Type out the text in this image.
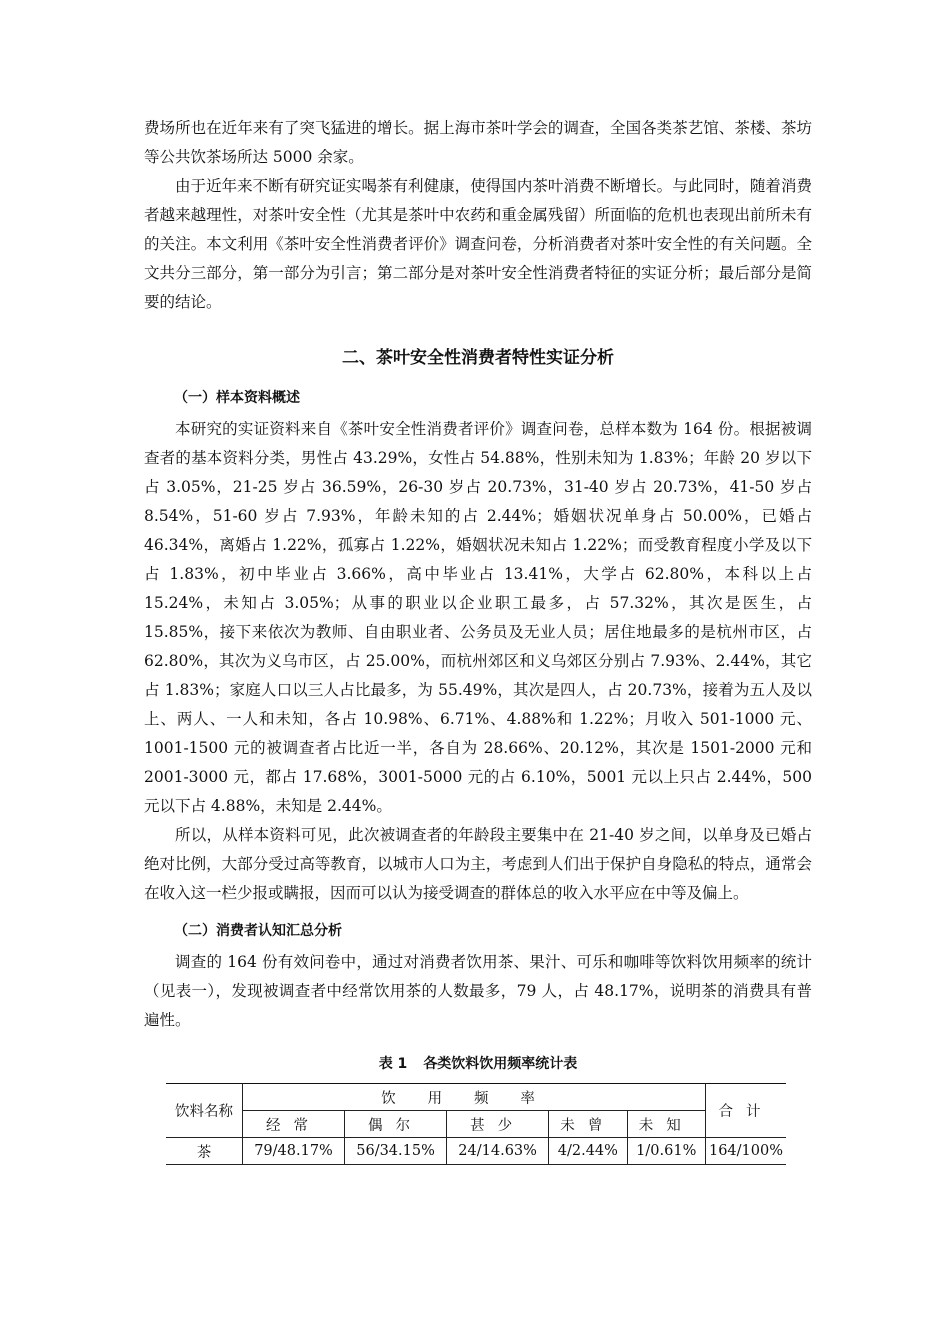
费场所也在近年来有了突飞猛进的增长。据上海市茶叶学会的调查，全国各类茶艺馆、茶楼、茶坊等公共饮茶场所达 5000 余家。

由于近年来不断有研究证实喝茶有利健康，使得国内茶叶消费不断增长。与此同时，随着消费者越来越理性，对茶叶安全性（尤其是茶叶中农药和重金属残留）所面临的危机也表现出前所未有的关注。本文利用《茶叶安全性消费者评价》调查问卷，分析消费者对茶叶安全性的有关问题。全文共分三部分，第一部分为引言；第二部分是对茶叶安全性消费者特征的实证分析；最后部分是简要的结论。

二、茶叶安全性消费者特性实证分析
（一）样本资料概述

本研究的实证资料来自《茶叶安全性消费者评价》调查问卷，总样本数为 164 份。根据被调查者的基本资料分类，男性占 43.29%，女性占 54.88%，性别未知为 1.83%；年龄 20 岁以下占 3.05%，21-25 岁占 36.59%，26-30 岁占 20.73%，31-40 岁占 20.73%，41-50 岁占 8.54%，51-60 岁占 7.93%，年龄未知的占 2.44%；婚姻状况单身占 50.00%，已婚占 46.34%，离婚占 1.22%，孤寡占 1.22%，婚姻状况未知占 1.22%；而受教育程度小学及以下占 1.83%，初中毕业占 3.66%，高中毕业占 13.41%，大学占 62.80%，本科以上占 15.24%，未知占 3.05%；从事的职业以企业职工最多，占 57.32%，其次是医生，占 15.85%，接下来依次为教师、自由职业者、公务员及无业人员；居住地最多的是杭州市区，占 62.80%，其次为义乌市区，占 25.00%，而杭州郊区和义乌郊区分别占 7.93%、2.44%，其它占 1.83%；家庭人口以三人占比最多，为 55.49%，其次是四人，占 20.73%，接着为五人及以上、两人、一人和未知，各占 10.98%、6.71%、4.88%和 1.22%；月收入 501-1000 元、1001-1500 元的被调查者占比近一半，各自为 28.66%、20.12%，其次是 1501-2000 元和 2001-3000 元，都占 17.68%，3001-5000 元的占 6.10%，5001 元以上只占 2.44%，500 元以下占 4.88%，未知是 2.44%。

所以，从样本资料可见，此次被调查者的年龄段主要集中在 21-40 岁之间，以单身及已婚占绝对比例，大部分受过高等教育，以城市人口为主，考虑到人们出于保护自身隐私的特点，通常会在收入这一栏少报或瞒报，因而可以认为接受调查的群体总的收入水平应在中等及偏上。

（二）消费者认知汇总分析

调查的 164 份有效问卷中，通过对消费者饮用茶、果汁、可乐和咖啡等饮料饮用频率的统计（见表一），发现被调查者中经常饮用茶的人数最多，79 人，占 48.17%，说明茶的消费具有普遍性。

表 1 各类饮料饮用频率统计表
饮料名称	饮用频率					合计
	经常	偶尔	甚少	未曾	未知	
茶	79/48.17%	56/34.15%	24/14.63%	4/2.44%	1/0.61%	164/100%
